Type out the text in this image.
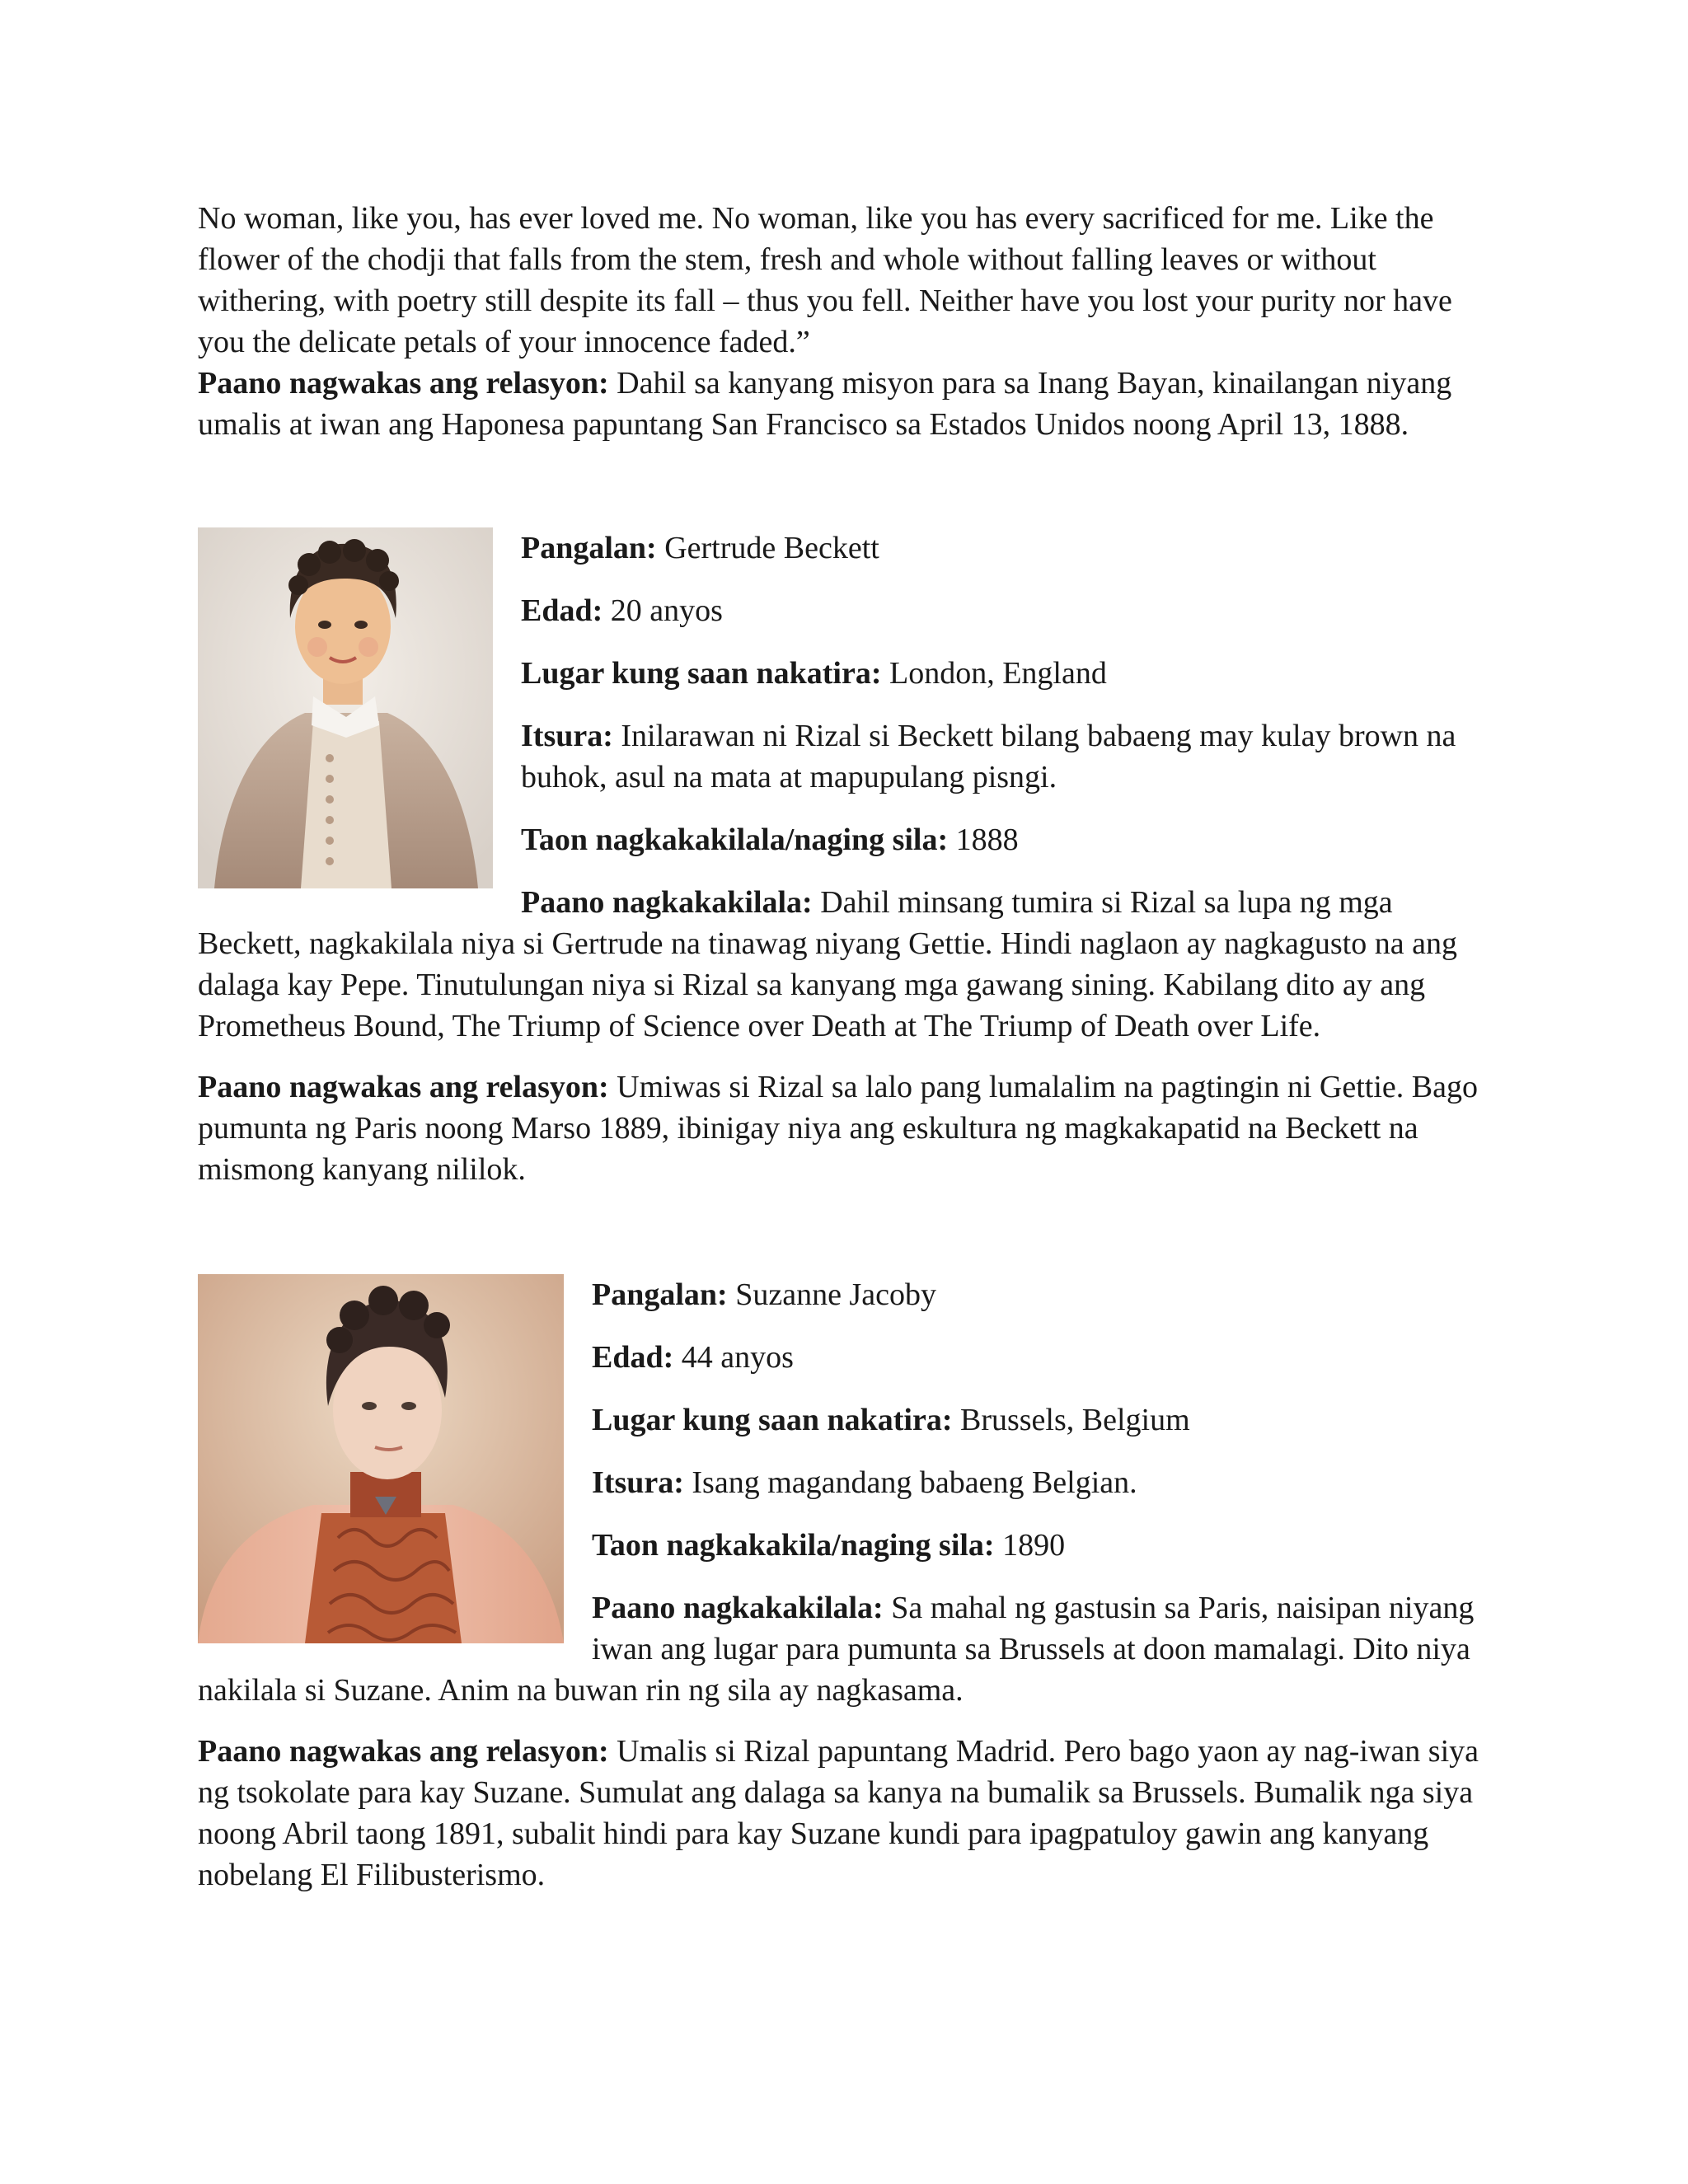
No woman, like you, has ever loved me. No woman, like you has every sacrificed for me. Like the flower of the chodji that falls from the stem, fresh and whole without falling leaves or without withering, with poetry still despite its fall – thus you fell. Neither have you lost your purity nor have you the delicate petals of your innocence faded.”

Paano nagwakas ang relasyon: Dahil sa kanyang misyon para sa Inang Bayan, kinailangan niyang umalis at iwan ang Haponesa papuntang San Francisco sa Estados Unidos noong April 13, 1888.

Pangalan: Gertrude Beckett

Edad: 20 anyos

Lugar kung saan nakatira: London, England

Itsura: Inilarawan ni Rizal si Beckett bilang babaeng may kulay brown na buhok, asul na mata at mapupulang pisngi.

Taon nagkakakilala/naging sila: 1888

Paano nagkakakilala: Dahil minsang tumira si Rizal sa lupa ng mga Beckett, nagkakilala niya si Gertrude na tinawag niyang Gettie. Hindi naglaon ay nagkagusto na ang dalaga kay Pepe. Tinutulungan niya si Rizal sa kanyang mga gawang sining. Kabilang dito ay ang Prometheus Bound, The Triump of Science over Death at The Triump of Death over Life.

Paano nagwakas ang relasyon: Umiwas si Rizal sa lalo pang lumalalim na pagtingin ni Gettie. Bago pumunta ng Paris noong Marso 1889, ibinigay niya ang eskultura ng magkakapatid na Beckett na mismong kanyang nililok.

Pangalan: Suzanne Jacoby

Edad: 44 anyos

Lugar kung saan nakatira: Brussels, Belgium

Itsura: Isang magandang babaeng Belgian.

Taon nagkakakila/naging sila: 1890

Paano nagkakakilala: Sa mahal ng gastusin sa Paris, naisipan niyang iwan ang lugar para pumunta sa Brussels at doon mamalagi. Dito niya nakilala si Suzane. Anim na buwan rin ng sila ay nagkasama.

Paano nagwakas ang relasyon: Umalis si Rizal papuntang Madrid. Pero bago yaon ay nag-iwan siya ng tsokolate para kay Suzane. Sumulat ang dalaga sa kanya na bumalik sa Brussels. Bumalik nga siya noong Abril taong 1891, subalit hindi para kay Suzane kundi para ipagpatuloy gawin ang kanyang nobelang El Filibusterismo.
